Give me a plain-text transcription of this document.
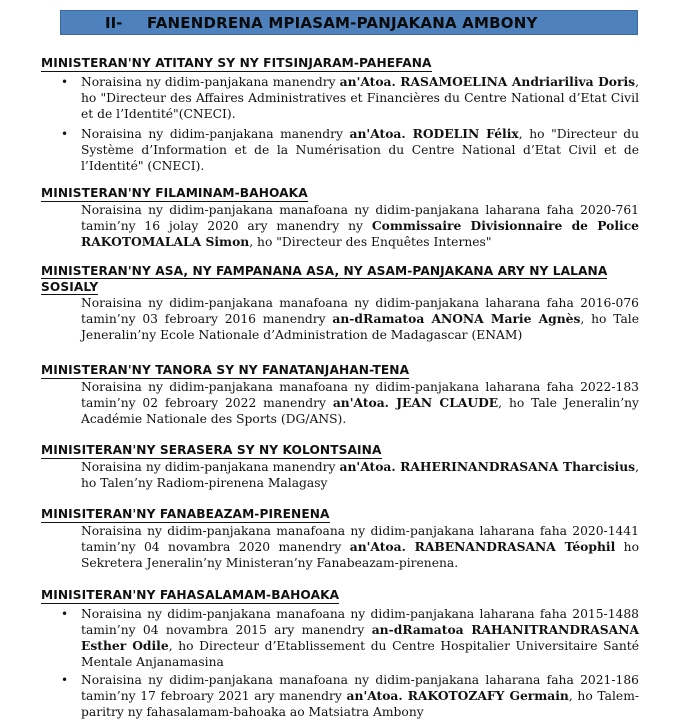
II- FANENDRENA MPIASAM-PANJAKANA AMBONY
MINISTERAN'NY ATITANY SY NY FITSINJARAM-PAHEFANA
• Noraisina ny didim-panjakana manendry an'Atoa. RASAMOELINA Andriariliva Doris, ho "Directeur des Affaires Administratives et Financières du Centre National d’Etat Civil et de l’Identité"(CNECI).
• Noraisina ny didim-panjakana manendry an'Atoa. RODELIN Félix, ho "Directeur du Système d’Information et de la Numérisation du Centre National d’Etat Civil et de l’Identité" (CNECI).
MINISTERAN'NY FILAMINAM-BAHOAKA

Noraisina ny didim-panjakana manafoana ny didim-panjakana laharana faha 2020-761 tamin’ny 16 jolay 2020 ary manendry ny Commissaire Divisionnaire de Police RAKOTOMALALA Simon, ho "Directeur des Enquêtes Internes"

MINISTERAN'NY ASA, NY FAMPANANA ASA, NY ASAM-PANJAKANA ARY NY LALANA
SOSIALY

Noraisina ny didim-panjakana manafoana ny didim-panjakana laharana faha 2016-076 tamin’ny 03 febroary 2016 manendry an-dRamatoa ANONA Marie Agnès, ho Tale Jeneralin’ny Ecole Nationale d’Administration de Madagascar (ENAM)

MINISTERAN'NY TANORA SY NY FANATANJAHAN-TENA

Noraisina ny didim-panjakana manafoana ny didim-panjakana laharana faha 2022-183 tamin’ny 02 febroary 2022 manendry an'Atoa. JEAN CLAUDE, ho Tale Jeneralin’ny Académie Nationale des Sports (DG/ANS).

MINISITERAN'NY SERASERA SY NY KOLONTSAINA

Noraisina ny didim-panjakana manendry an'Atoa. RAHERINANDRASANA Tharcisius, ho Talen’ny Radiom-pirenena Malagasy

MINISITERAN'NY FANABEAZAM-PIRENENA

Noraisina ny didim-panjakana manafoana ny didim-panjakana laharana faha 2020-1441 tamin’ny 04 novambra 2020 manendry an'Atoa. RABENANDRASANA Téophil ho Sekretera Jeneralin’ny Ministeran’ny Fanabeazam-pirenena.

MINISITERAN'NY FAHASALAMAM-BAHOAKA
• Noraisina ny didim-panjakana manafoana ny didim-panjakana laharana faha 2015-1488 tamin’ny 04 novambra 2015 ary manendry an-dRamatoa RAHANITRANDRASANA Esther Odile, ho Directeur d’Etablissement du Centre Hospitalier Universitaire Santé Mentale Anjanamasina
• Noraisina ny didim-panjakana manafoana ny didim-panjakana laharana faha 2021-186 tamin’ny 17 febroary 2021 ary manendry an'Atoa. RAKOTOZAFY Germain, ho Talem-paritry ny fahasalamam-bahoaka ao Matsiatra Ambony
